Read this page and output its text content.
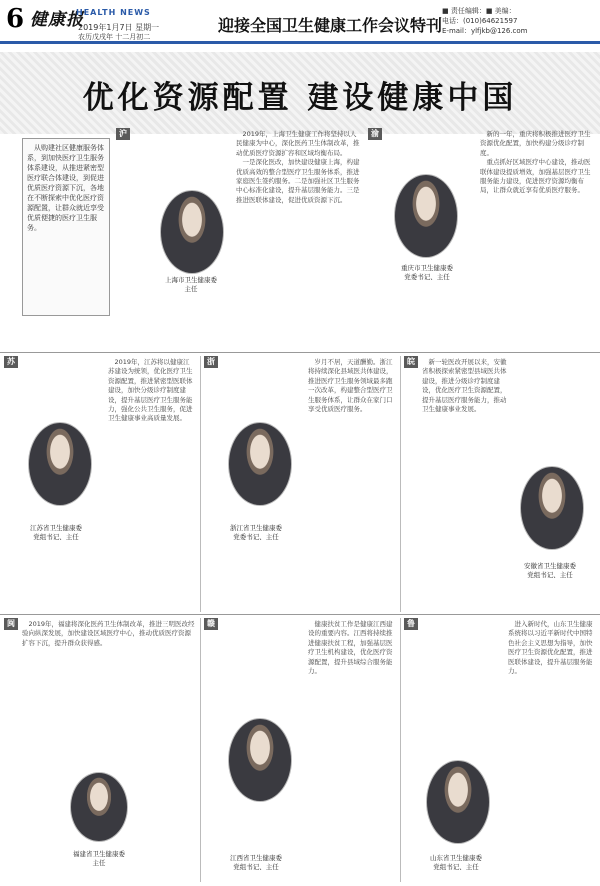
6 健康报
HEALTH NEWS
2019年1月7日 星期一
农历戊戌年 十二月初二
迎接全国卫生健康工作会议特刊
■ 责任编辑：■ 美编：
电话：(010)64621597
E-mail：ylfjkb@126.com
优化资源配置 建设健康中国

从购建社区健康服务体系，到加快医疗卫生服务体系建设，从推进紧密型医疗联合体建设，到促进优质医疗资源下沉，各地在不断探索中优化医疗资源配置，让群众就近享受优质便捷的医疗卫生服务。

沪
上海市卫生健康委
主任

2019年，上海卫生健康工作将坚持以人民健康为中心，深化医药卫生体制改革，推动优质医疗资源扩容和区域均衡布局。

一是深化医改，加快建设健康上海，构建优质高效的整合型医疗卫生服务体系，推进家庭医生签约服务。二是加强社区卫生服务中心标准化建设，提升基层服务能力。三是推进医联体建设，促进优质资源下沉。

渝
重庆市卫生健康委
党委书记、主任

新的一年，重庆将积极推进医疗卫生资源优化配置，加快构建分级诊疗制度。

重点抓好区域医疗中心建设，推动医联体建设提质增效，加强基层医疗卫生服务能力建设，促进医疗资源均衡布局，让群众就近享有优质医疗服务。

苏
江苏省卫生健康委
党组书记、主任

2019年，江苏将以健康江苏建设为统领，优化医疗卫生资源配置，推进紧密型医联体建设，加快分级诊疗制度建设，提升基层医疗卫生服务能力，强化公共卫生服务，促进卫生健康事业高质量发展。

浙
浙江省卫生健康委
党委书记、主任

岁月不居，天道酬勤。浙江将持续深化县域医共体建设，推进医疗卫生服务领域最多跑一次改革，构建整合型医疗卫生服务体系，让群众在家门口享受优质医疗服务。

皖	新一轮医改开展以来，安徽省积极探索紧密型县域医共体建设，推进分级诊疗制度建设，优化医疗卫生资源配置，提升基层医疗服务能力，推动卫生健康事业发展。

安徽省卫生健康委
党组书记、主任
闽	2019年，福建将深化医药卫生体制改革，推进三明医改经验向纵深发展，加快建设区域医疗中心，推动优质医疗资源扩容下沉，提升群众获得感。

福建省卫生健康委
主任
赣
江西省卫生健康委
党组书记、主任

健康扶贫工作是健康江西建设的重要内容。江西将持续推进健康扶贫工程，加强基层医疗卫生机构建设，优化医疗资源配置，提升县域综合服务能力。

鲁
山东省卫生健康委
党组书记、主任

进入新时代，山东卫生健康系统将以习近平新时代中国特色社会主义思想为指导，加快医疗卫生资源优化配置，推进医联体建设，提升基层服务能力。
